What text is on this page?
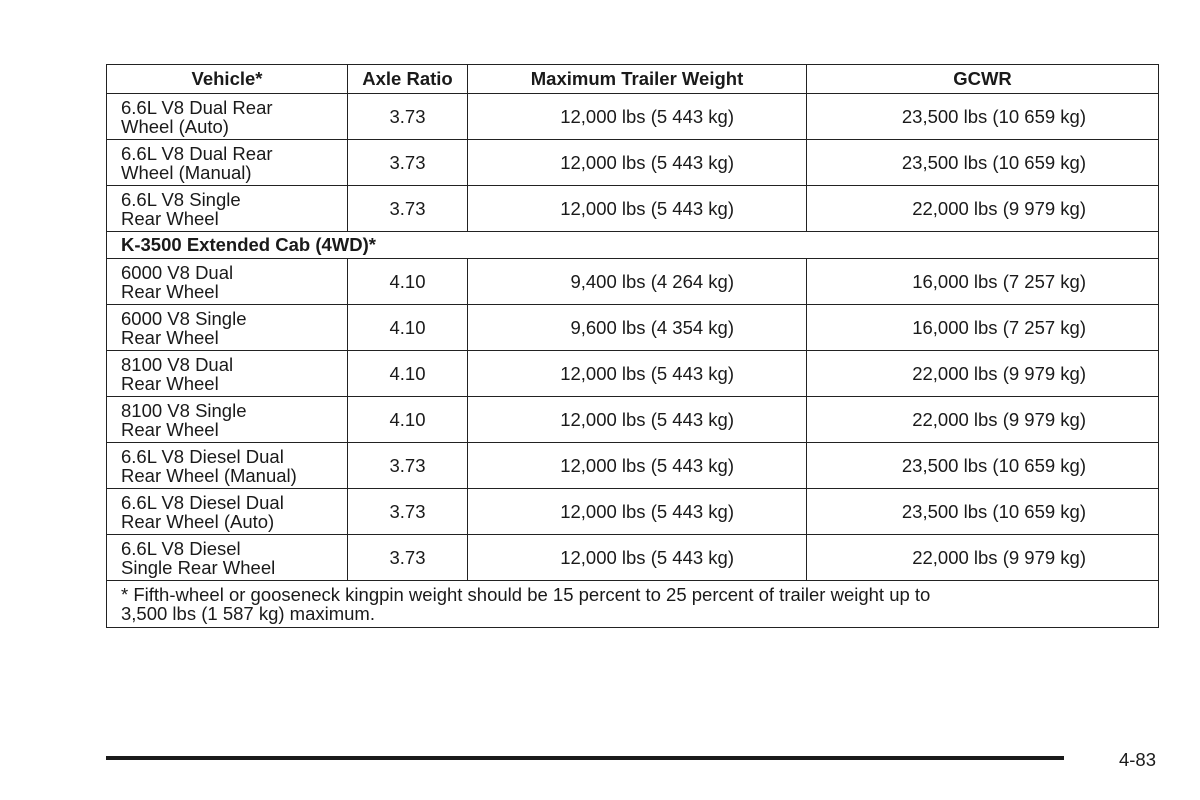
Vehicle*	Axle Ratio	Maximum Trailer Weight	GCWR
6.6L V8 Dual Rear
Wheel (Auto)	3.73	12,000 lbs (5 443 kg)	23,500 lbs (10 659 kg)
6.6L V8 Dual Rear
Wheel (Manual)	3.73	12,000 lbs (5 443 kg)	23,500 lbs (10 659 kg)
6.6L V8 Single
Rear Wheel	3.73	12,000 lbs (5 443 kg)	22,000 lbs (9 979 kg)
K-3500 Extended Cab (4WD)*			
6000 V8 Dual
Rear Wheel	4.10	9,400 lbs (4 264 kg)	16,000 lbs (7 257 kg)
6000 V8 Single
Rear Wheel	4.10	9,600 lbs (4 354 kg)	16,000 lbs (7 257 kg)
8100 V8 Dual
Rear Wheel	4.10	12,000 lbs (5 443 kg)	22,000 lbs (9 979 kg)
8100 V8 Single
Rear Wheel	4.10	12,000 lbs (5 443 kg)	22,000 lbs (9 979 kg)
6.6L V8 Diesel Dual
Rear Wheel (Manual)	3.73	12,000 lbs (5 443 kg)	23,500 lbs (10 659 kg)
6.6L V8 Diesel Dual
Rear Wheel (Auto)	3.73	12,000 lbs (5 443 kg)	23,500 lbs (10 659 kg)
6.6L V8 Diesel
Single Rear Wheel	3.73	12,000 lbs (5 443 kg)	22,000 lbs (9 979 kg)
* Fifth-wheel or gooseneck kingpin weight should be 15 percent to 25 percent of trailer weight up to
3,500 lbs (1 587 kg) maximum.			
4-83
